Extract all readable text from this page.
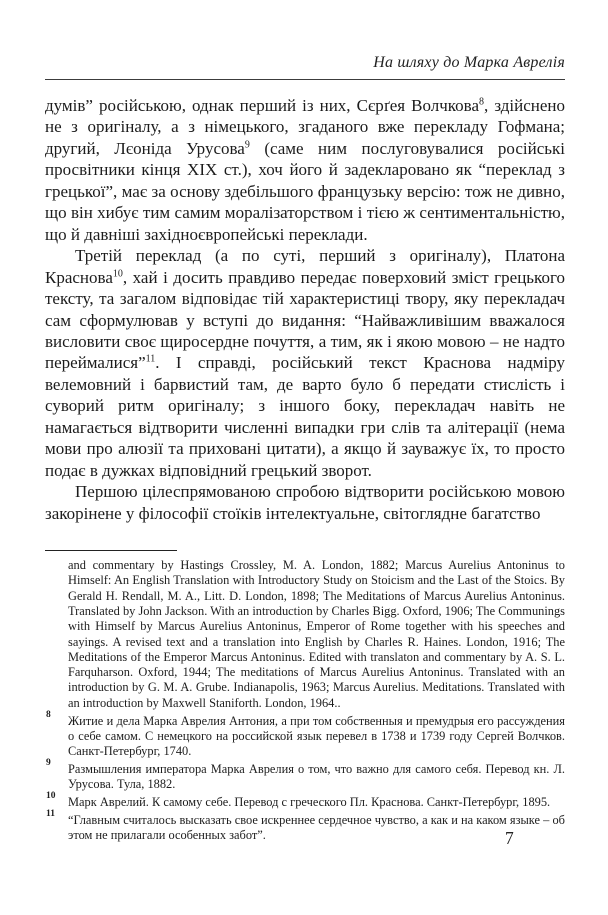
На шляху до Марка Аврелія

думів” російською, однак перший із них, Сєрґея Волчкова$^8$, здійснено не з оригіналу, а з німецького, згаданого вже перекладу Гофмана; другий, Лєоніда Урусова$^9$ (саме ним послуговувалися російські просвітники кінця XIX ст.), хоч його й задекларовано як “переклад з грецької”, має за основу здебільшого французьку версію: тож не дивно, що він хибує тим самим моралізаторством і тією ж сентиментальністю, що й давніші західноєвропейські переклади.

Третій переклад (а по суті, перший з оригіналу), Платона Краснова$^{10}$, хай і досить правдиво передає поверховий зміст грецького тексту, та загалом відповідає тій характеристиці твору, яку перекладач сам сформулював у вступі до видання: “Найважливішим вважалося висловити своє щиросердне почуття, а тим, як і якою мовою – не надто переймалися”$^{11}$. І справді, російський текст Краснова надміру велемовний і барвистий там, де варто було б передати стислість і суворий ритм оригіналу; з іншого боку, перекладач навіть не намагається відтворити численні випадки гри слів та алітерації (нема мови про алюзії та приховані цитати), а якщо й зауважує їх, то просто подає в дужках відповідний грецький зворот.

Першою цілеспрямованою спробою відтворити російською мовою закорінене у філософії стоїків інтелектуальне, світоглядне багатство

and commentary by Hastings Crossley, M. A. London, 1882; Marcus Aurelius Antoninus to Himself: An English Translation with Introductory Study on Stoicism and the Last of the Stoics. By Gerald H. Rendall, M. A., Litt. D. London, 1898; The Meditations of Marcus Aurelius Antoninus. Translated by John Jackson. With an introduction by Charles Bigg. Oxford, 1906; The Communings with Himself by Marcus Aurelius Antoninus, Emperor of Rome together with his speeches and sayings. A revised text and a translation into English by Charles R. Haines. London, 1916; The Meditations of the Emperor Marcus Antoninus. Edited with translaton and commentary by A. S. L. Farquharson. Oxford, 1944; The meditations of Marcus Aurelius Antoninus. Translated with an introduction by G. M. A. Grube. Indianapolis, 1963; Marcus Aurelius. Meditations. Translated with an introduction by Maxwell Staniforth. London, 1964..
8 Житие и дела Марка Аврелия Антония, а при том собственныя и премудрыя его рассуждения о себе самом. С немецкого на российской язык перевел в 1738 и 1739 году Сергей Волчков. Санкт-Петербург, 1740.
9 Размышления императора Марка Аврелия о том, что важно для самого себя. Перевод кн. Л. Урусова. Тула, 1882.
10 Марк Аврелий. К самому себе. Перевод с греческого Пл. Краснова. Санкт-Петербург, 1895.
11 “Главным считалось высказать свое искреннее сердечное чувство, а как и на каком языке – об этом не прилагали особенных забот”.	7
